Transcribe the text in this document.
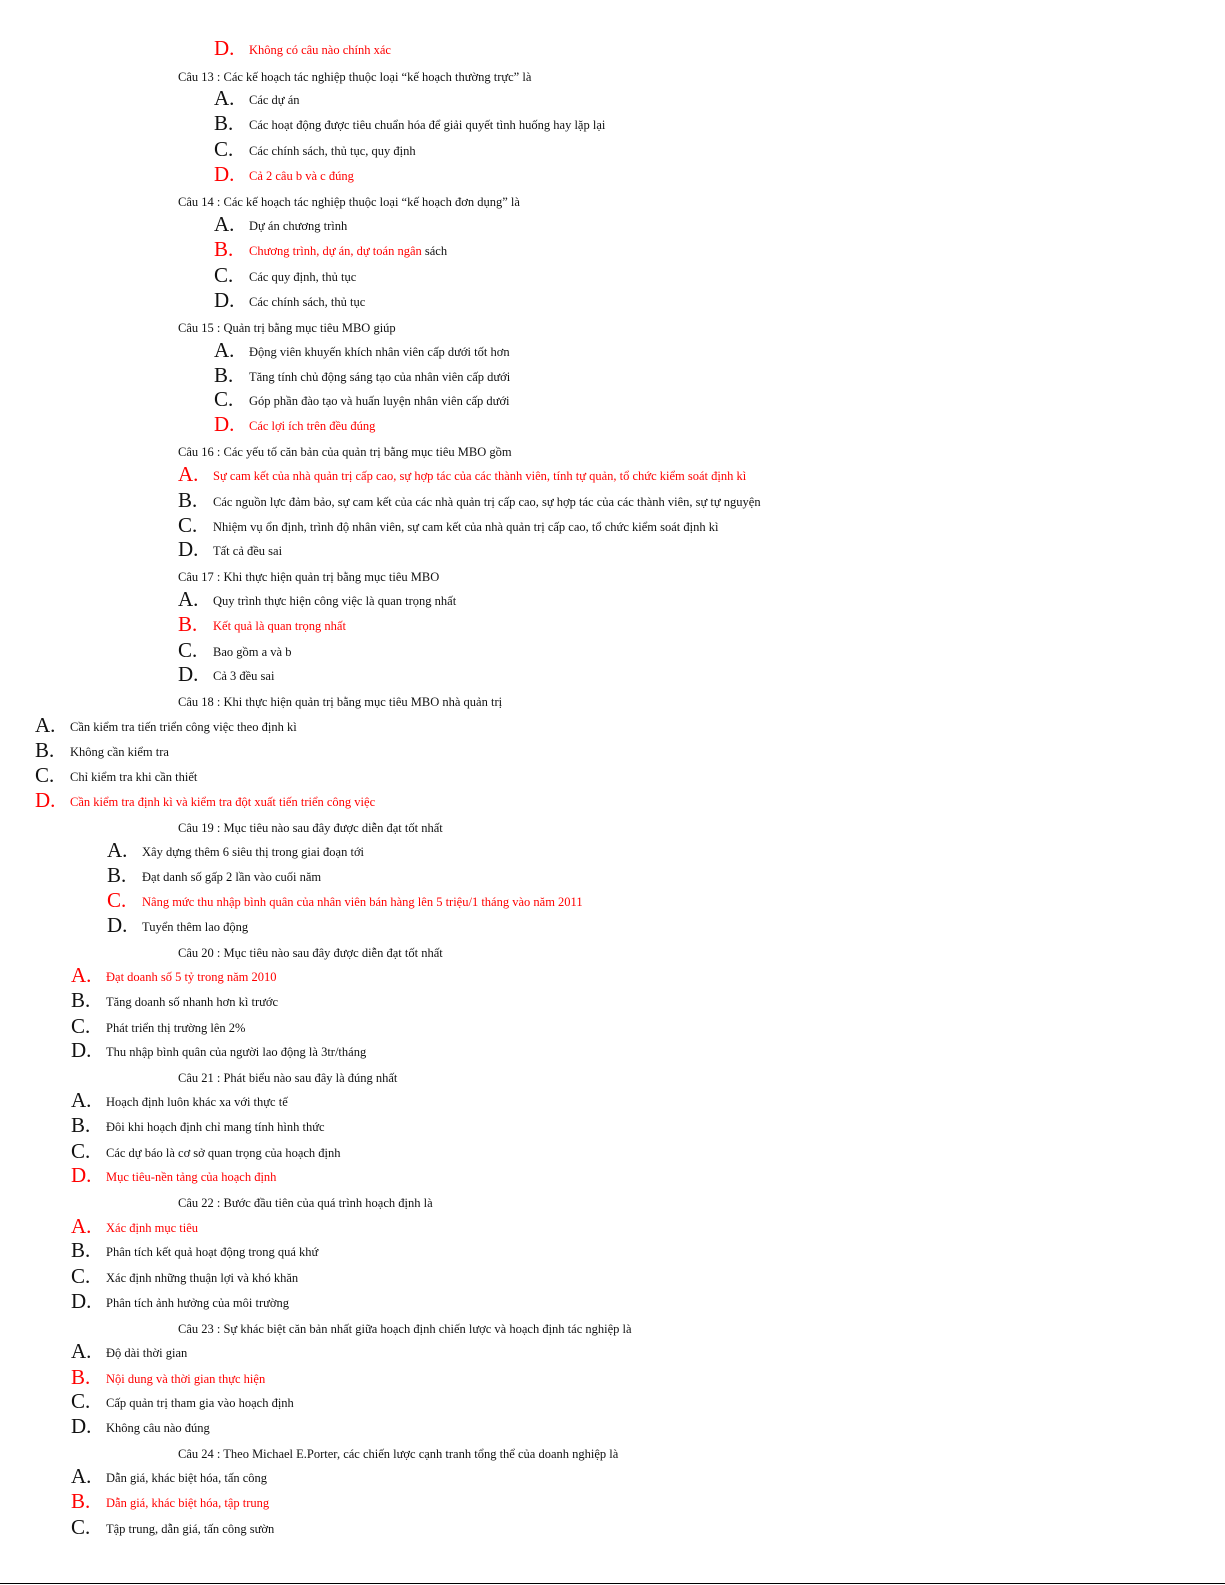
D. Không có câu nào chính xác
Câu 13 : Các kế hoạch tác nghiệp thuộc loại “kế hoạch thường trực” là
A. Các dự án
B. Các hoạt động được tiêu chuẩn hóa để giải quyết tình huống hay lặp lại
C. Các chính sách, thủ tục, quy định
D. Cả 2 câu b và c đúng
Câu 14 : Các kế hoạch tác nghiệp thuộc loại “kế hoạch đơn dụng” là
A. Dự án chương trình
B. Chương trình, dự án, dự toán ngân sách
C. Các quy định, thủ tục
D. Các chính sách, thủ tục
Câu 15 : Quản trị bằng mục tiêu MBO giúp
A. Động viên khuyến khích nhân viên cấp dưới tốt hơn
B. Tăng tính chủ động sáng tạo của nhân viên cấp dưới
C. Góp phần đào tạo và huấn luyện nhân viên cấp dưới
D. Các lợi ích trên đều đúng
Câu 16 : Các yếu tố căn bản của quản trị bằng mục tiêu MBO gồm
A. Sự cam kết của nhà quản trị cấp cao, sự hợp tác của các thành viên, tính tự quản, tổ chức kiểm soát định kì
B. Các nguồn lực đảm bảo, sự cam kết của các nhà quản trị cấp cao, sự hợp tác của các thành viên, sự tự nguyện
C. Nhiệm vụ ổn định, trình độ nhân viên, sự cam kết của nhà quản trị cấp cao, tổ chức kiểm soát định kì
D. Tất cả đều sai
Câu 17 : Khi thực hiện quản trị bằng mục tiêu MBO
A. Quy trình thực hiện công việc là quan trọng nhất
B. Kết quả là quan trọng nhất
C. Bao gồm a và b
D. Cả 3 đều sai
Câu 18 : Khi thực hiện quản trị bằng mục tiêu MBO nhà quản trị
A. Cần kiểm tra tiến triển công việc theo định kì
B. Không cần kiểm tra
C. Chỉ kiểm tra khi cần thiết
D. Cần kiểm tra định kì và kiểm tra đột xuất tiến triển công việc
Câu 19 : Mục tiêu nào sau đây được diễn đạt tốt nhất
A. Xây dựng thêm 6 siêu thị trong giai đoạn tới
B. Đạt danh số gấp 2 lần vào cuối năm
C. Nâng mức thu nhập bình quân của nhân viên bán hàng lên 5 triệu/1 tháng vào năm 2011
D. Tuyển thêm lao động
Câu 20 : Mục tiêu nào sau đây được diễn đạt tốt nhất
A. Đạt doanh số 5 tỷ trong năm 2010
B. Tăng doanh số nhanh hơn kì trước
C. Phát triển thị trường lên 2%
D. Thu nhập bình quân của người lao động là 3tr/tháng
Câu 21 : Phát biểu nào sau đây là đúng nhất
A. Hoạch định luôn khác xa với thực tế
B. Đôi khi hoạch định chỉ mang tính hình thức
C. Các dự báo là cơ sở quan trọng của hoạch định
D. Mục tiêu-nền tảng của hoạch định
Câu 22 : Bước đầu tiên của quá trình hoạch định là
A. Xác định mục tiêu
B. Phân tích kết quả hoạt động trong quá khứ
C. Xác định những thuận lợi và khó khăn
D. Phân tích ảnh hưởng của môi trường
Câu 23 : Sự khác biệt căn bản nhất giữa hoạch định chiến lược và hoạch định tác nghiệp là
A. Độ dài thời gian
B. Nội dung và thời gian thực hiện
C. Cấp quản trị tham gia vào hoạch định
D. Không câu nào đúng
Câu 24 : Theo Michael E.Porter, các chiến lược cạnh tranh tổng thể của doanh nghiệp là
A. Dẫn giá, khác biệt hóa, tấn công
B. Dẫn giá, khác biệt hóa, tập trung
C. Tập trung, dẫn giá, tấn công sườn
